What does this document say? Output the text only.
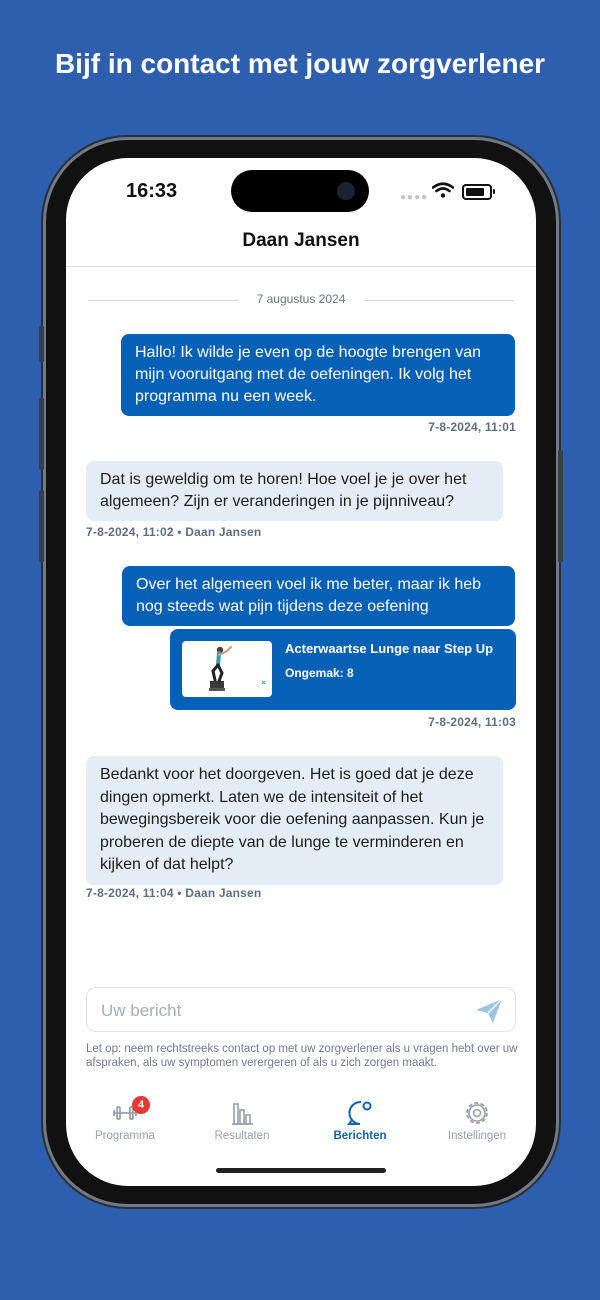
Bijf in contact met jouw zorgverlener
16:33	●●●●
Daan Jansen
7 augustus 2024
Hallo! Ik wilde je even op de hoogte brengen van mijn vooruitgang met de oefeningen. Ik volg het programma nu een week.
7-8-2024, 11:01
Dat is geweldig om te horen! Hoe voel je je over het algemeen? Zijn er veranderingen in je pijnniveau?
7-8-2024, 11:02 • Daan Jansen
Over het algemeen voel ik me beter, maar ik heb nog steeds wat pijn tijdens deze oefening
Acterwaartse Lunge naar Step Up
Ongemak: 8
7-8-2024, 11:03
Bedankt voor het doorgeven. Het is goed dat je deze dingen opmerkt. Laten we de intensiteit of het bewegingsbereik voor die oefening aanpassen. Kun je proberen de diepte van de lunge te verminderen en kijken of dat helpt?
7-8-2024, 11:04 • Daan Jansen
Uw bericht
Let op: neem rechtstreeks contact op met uw zorgverlener als u vragen hebt over uw afspraken, als uw symptomen verergeren of als u zich zorgen maakt.
4
Programma	Resultaten	Berichten	Instellingen
